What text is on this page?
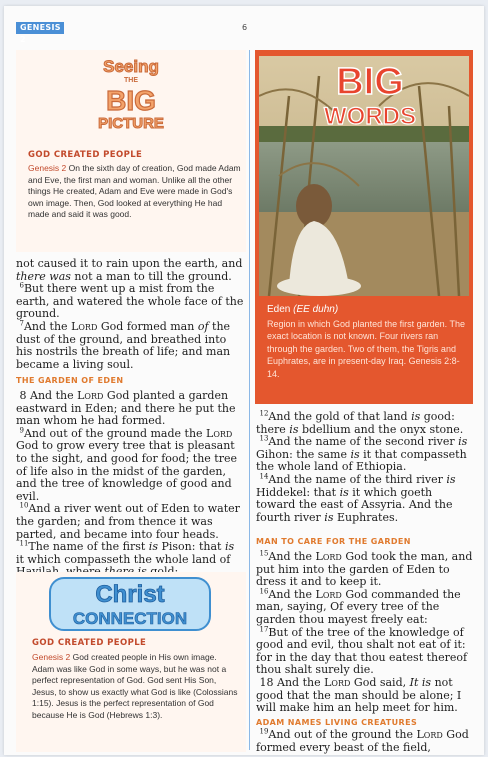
GENESIS 2
6
Seeing
THE
BIG
PICTURE
GOD CREATED PEOPLE
Genesis 2 On the sixth day of creation, God made Adam and Eve, the first man and woman. Unlike all the other things He created, Adam and Eve were made in God's own image. Then, God looked at everything He had made and said it was good.

not caused it to rain upon the earth, and there was not a man to till the ground.

$^6$But there went up a mist from the earth, and watered the whole face of the ground.

$^7$And the Lord God formed man of the dust of the ground, and breathed into his nostrils the breath of life; and man became a living soul.

THE GARDEN OF EDEN

8 And the Lord God planted a garden eastward in Eden; and there he put the man whom he had formed.

$^9$And out of the ground made the Lord God to grow every tree that is pleasant to the sight, and good for food; the tree of life also in the midst of the garden, and the tree of knowledge of good and evil.

$^{10}$And a river went out of Eden to water the garden; and from thence it was parted, and became into four heads.

$^{11}$The name of the first is Pison: that is it which compasseth the whole land of

Christ
CONNECTION
GOD CREATED PEOPLE
Genesis 2 God created people in His own image. Adam was like God in some ways, but he was not a perfect representation of God. God sent His Son, Jesus, to show us exactly what God is like (Colossians 1:15). Jesus is the perfect representation of God because He is God (Hebrews 1:3).
BIG
WORDS
Eden (EE duhn)
Region in which God planted the first garden. The exact location is not known. Four rivers ran through the garden. Two of them, the Tigris and Euphrates, are in present-day Iraq. Genesis 2:8-14.

$^{12}$And the gold of that land is good: there is bdellium and the onyx stone.

$^{13}$And the name of the second river is Gihon: the same is it that compasseth the whole land of Ethiopia.

$^{14}$And the name of the third river is Hiddekel: that is it which goeth toward the east of Assyria. And the fourth river is Euphrates.

MAN TO CARE FOR THE GARDEN

$^{15}$And the Lord God took the man, and put him into the garden of Eden to dress it and to keep it.

$^{16}$And the Lord God commanded the man, saying, Of every tree of the garden thou mayest freely eat:

$^{17}$But of the tree of the knowledge of good and evil, thou shalt not eat of it: for in the day that thou eatest thereof thou shalt surely die.

18 And the Lord God said, It is not good that the man should be alone; I will make him an help meet for him.

ADAM NAMES LIVING CREATURES

$^{19}$And out of the ground the Lord God formed every beast of the field,
